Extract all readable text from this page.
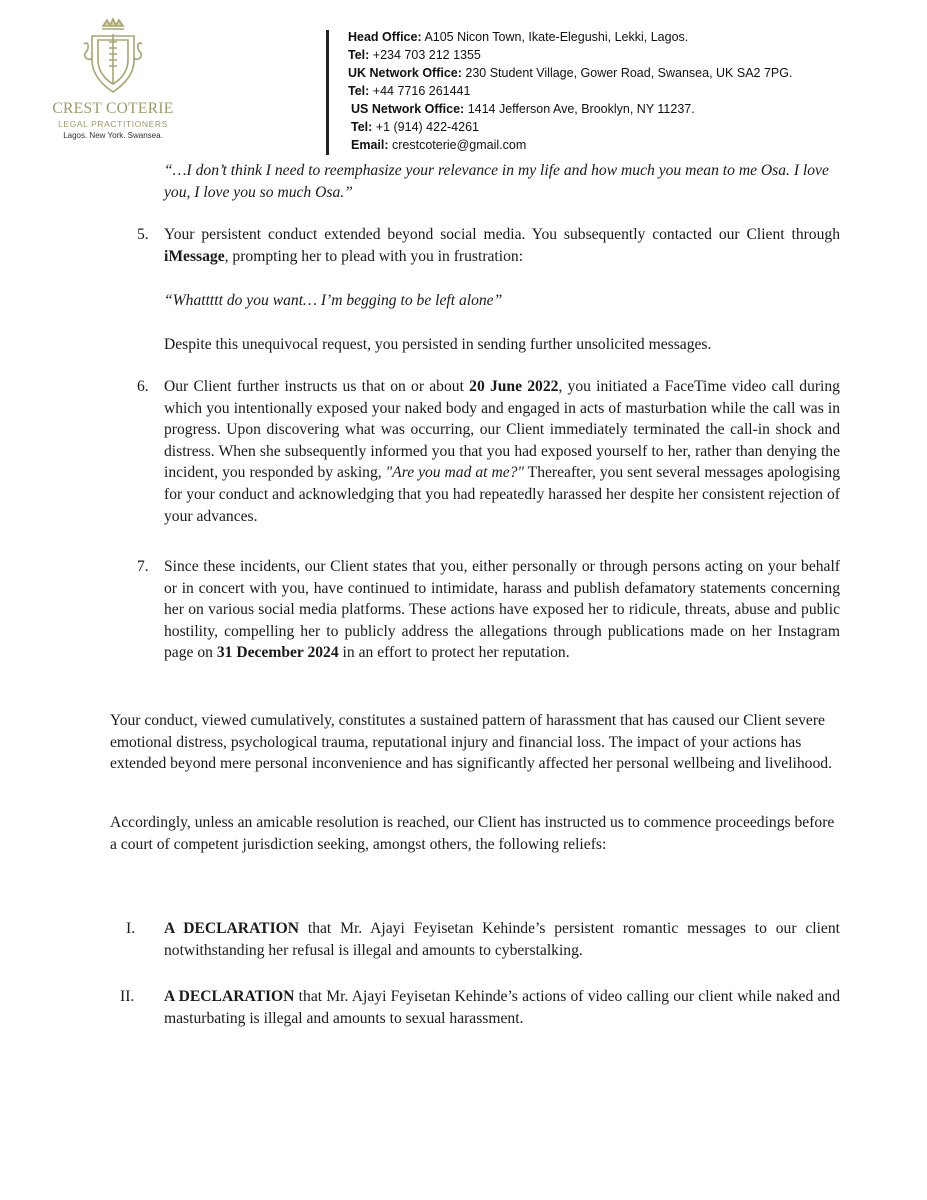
CREST COTERIE
LEGAL PRACTITIONERS
Lagos. New York. Swansea.
Head Office: A105 Nicon Town, Ikate-Elegushi, Lekki, Lagos.
Tel: +234 703 212 1355
UK Network Office: 230 Student Village, Gower Road, Swansea, UK SA2 7PG.
Tel: +44 7716 261441
US Network Office: 1414 Jefferson Ave, Brooklyn, NY 11237.
Tel: +1 (914) 422-4261
Email: crestcoterie@gmail.com
“…I don’t think I need to reemphasize your relevance in my life and how much you mean to me Osa. I love you, I love you so much Osa.”
5. Your persistent conduct extended beyond social media. You subsequently contacted our Client through iMessage, prompting her to plead with you in frustration:
“Whattttt do you want… I’m begging to be left alone”
Despite this unequivocal request, you persisted in sending further unsolicited messages.
6. Our Client further instructs us that on or about 20 June 2022, you initiated a FaceTime video call during which you intentionally exposed your naked body and engaged in acts of masturbation while the call was in progress. Upon discovering what was occurring, our Client immediately terminated the call-in shock and distress. When she subsequently informed you that you had exposed yourself to her, rather than denying the incident, you responded by asking, "Are you mad at me?" Thereafter, you sent several messages apologising for your conduct and acknowledging that you had repeatedly harassed her despite her consistent rejection of your advances.
7. Since these incidents, our Client states that you, either personally or through persons acting on your behalf or in concert with you, have continued to intimidate, harass and publish defamatory statements concerning her on various social media platforms. These actions have exposed her to ridicule, threats, abuse and public hostility, compelling her to publicly address the allegations through publications made on her Instagram page on 31 December 2024 in an effort to protect her reputation.
Your conduct, viewed cumulatively, constitutes a sustained pattern of harassment that has caused our Client severe emotional distress, psychological trauma, reputational injury and financial loss. The impact of your actions has extended beyond mere personal inconvenience and has significantly affected her personal wellbeing and livelihood.
Accordingly, unless an amicable resolution is reached, our Client has instructed us to commence proceedings before a court of competent jurisdiction seeking, amongst others, the following reliefs:
I. A DECLARATION that Mr. Ajayi Feyisetan Kehinde’s persistent romantic messages to our client notwithstanding her refusal is illegal and amounts to cyberstalking.
II. A DECLARATION that Mr. Ajayi Feyisetan Kehinde’s actions of video calling our client while naked and masturbating is illegal and amounts to sexual harassment.
